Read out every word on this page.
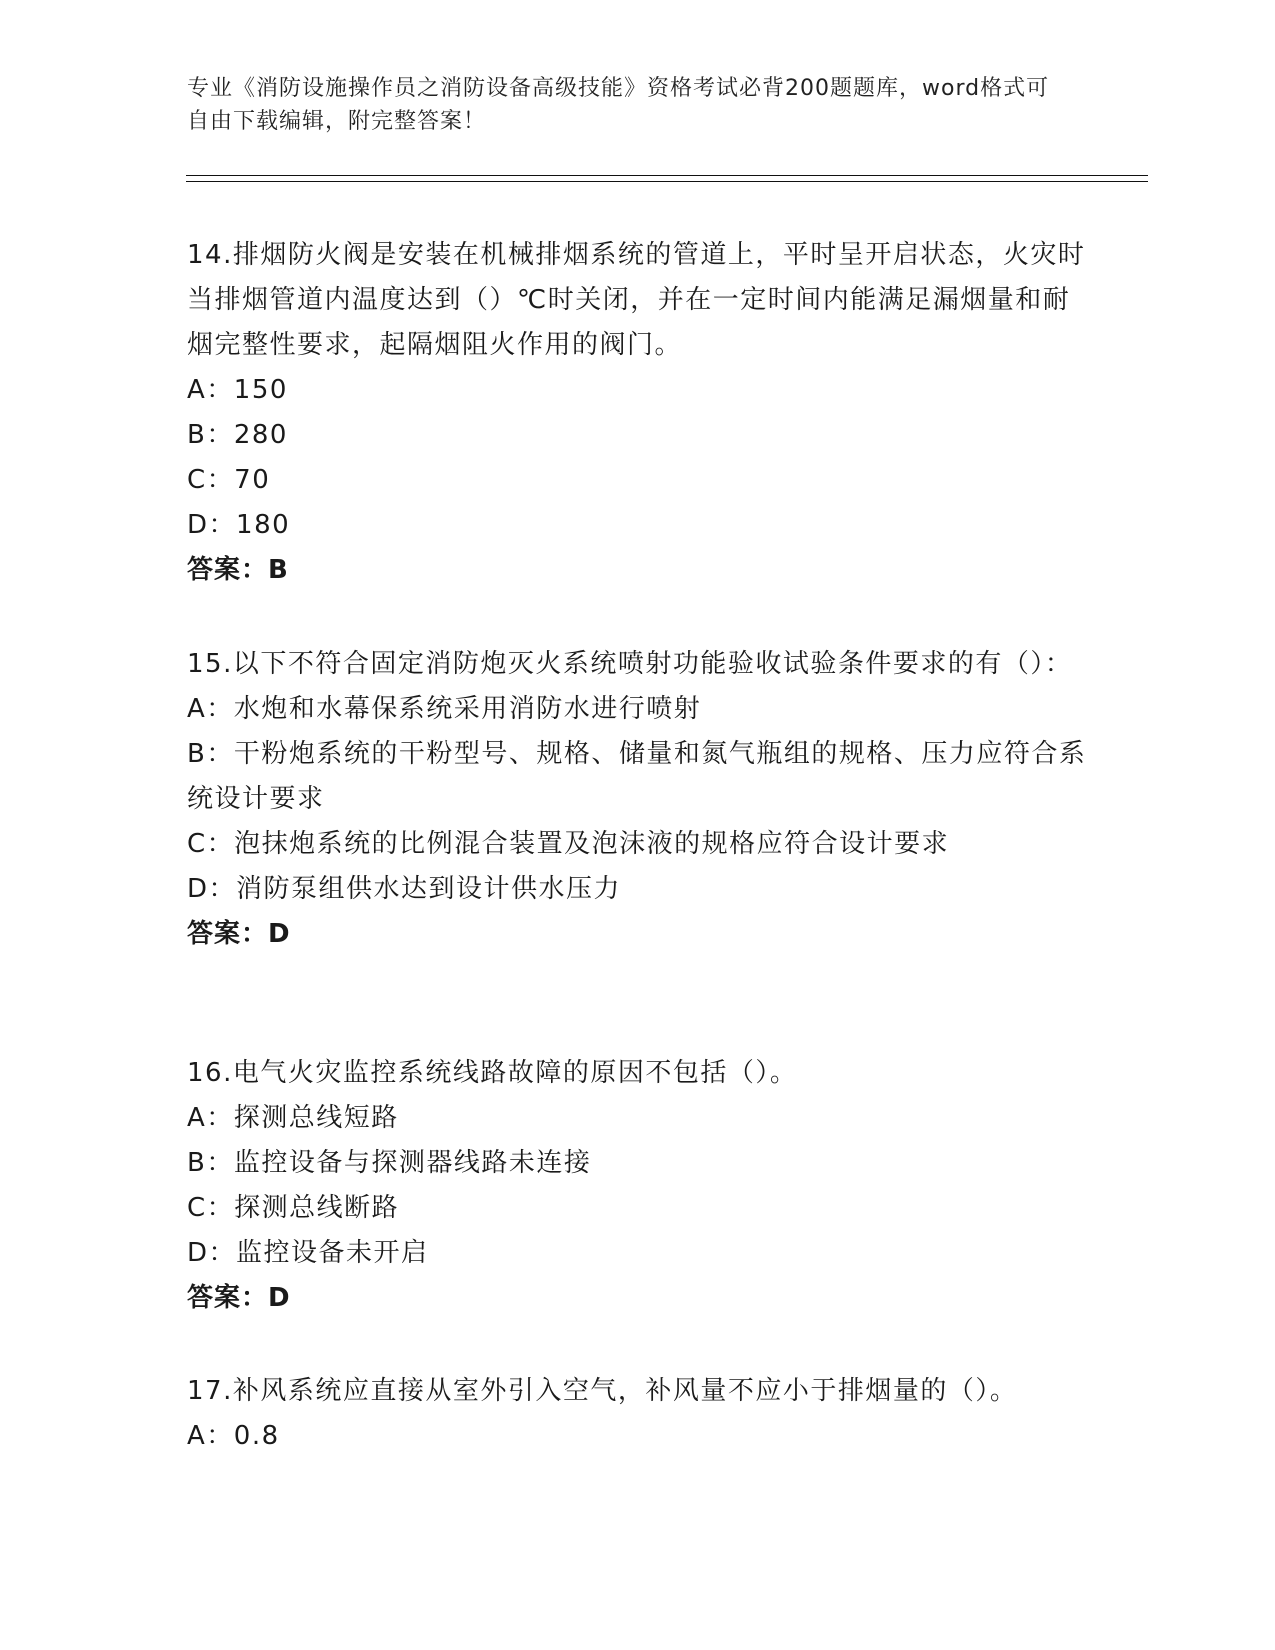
专业《消防设施操作员之消防设备高级技能》资格考试必背200题题库，word格式可自由下载编辑，附完整答案！

14.排烟防火阀是安装在机械排烟系统的管道上，平时呈开启状态，火灾时当排烟管道内温度达到（）℃时关闭，并在一定时间内能满足漏烟量和耐烟完整性要求，起隔烟阻火作用的阀门。

A：150

B：280

C：70

D：180

答案：B

15.以下不符合固定消防炮灭火系统喷射功能验收试验条件要求的有（）：

A：水炮和水幕保系统采用消防水进行喷射

B：干粉炮系统的干粉型号、规格、储量和氮气瓶组的规格、压力应符合系统设计要求

C：泡抹炮系统的比例混合装置及泡沫液的规格应符合设计要求

D：消防泵组供水达到设计供水压力

答案：D

16.电气火灾监控系统线路故障的原因不包括（）。

A：探测总线短路

B：监控设备与探测器线路未连接

C：探测总线断路

D：监控设备未开启

答案：D

17.补风系统应直接从室外引入空气，补风量不应小于排烟量的（）。

A：0.8
